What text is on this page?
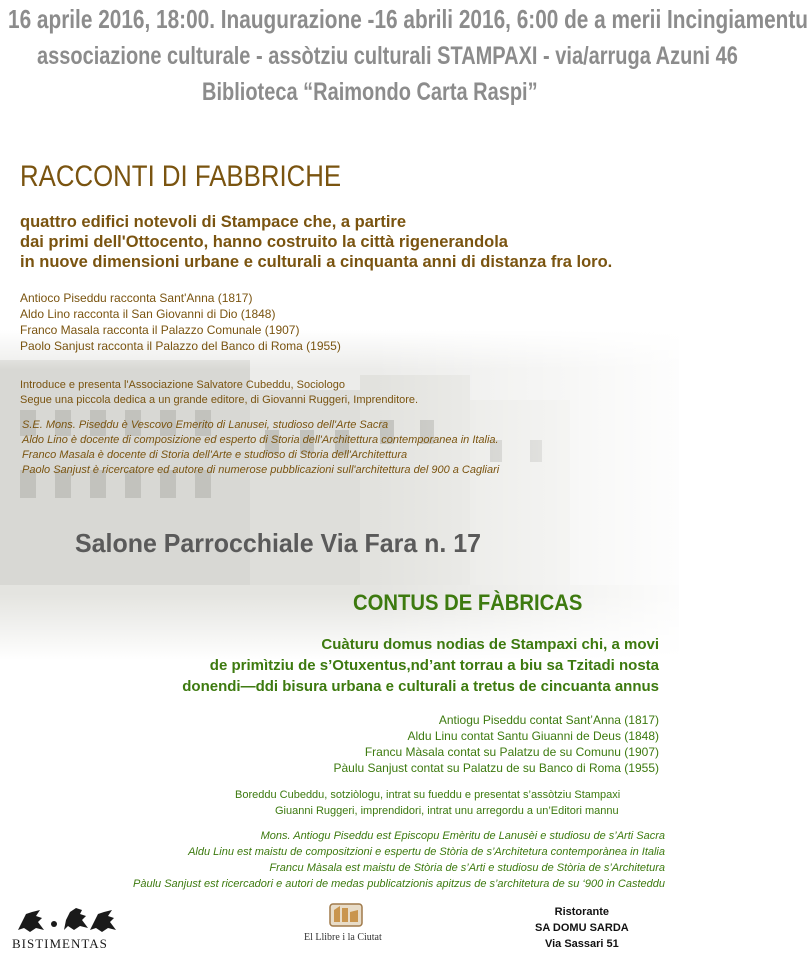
16 aprile 2016, 18:00. Inaugurazione -16 abrili 2016, 6:00 de a merii Incingiamentu
associazione culturale - assòtziu culturali STAMPAXI - via/arruga Azuni 46
Biblioteca “Raimondo Carta Raspi”
RACCONTI DI FABBRICHE
quattro edifici notevoli di Stampace che, a partire
dai primi dell'Ottocento, hanno costruito la città rigenerandola
in nuove dimensioni urbane e culturali a cinquanta anni di distanza fra loro.
Antioco Piseddu racconta Sant'Anna (1817)
Aldo Lino racconta il San Giovanni di Dio (1848)
Franco Masala racconta il Palazzo Comunale (1907)
Paolo Sanjust racconta il Palazzo del Banco di Roma (1955)
Introduce e presenta l'Associazione Salvatore Cubeddu, Sociologo
Segue una piccola dedica a un grande editore, di Giovanni Ruggeri, Imprenditore.
S.E. Mons. Piseddu è Vescovo Emerito di Lanusei, studioso dell'Arte Sacra
Aldo Lino è docente di composizione ed esperto di Storia dell'Architettura contemporanea in Italia.
Franco Masala è docente di Storia dell'Arte e studioso di Storia dell'Architettura
Paolo Sanjust è ricercatore ed autore di numerose pubblicazioni sull'architettura del 900 a Cagliari
Salone Parrocchiale Via Fara n. 17
CONTUS DE FÀBRICAS
Cuàturu domus nodias de Stampaxi chi, a movi
de primìtziu de s’Otuxentus,nd’ant torrau a biu sa Tzitadi nosta
donendi—ddi bisura urbana e culturali a tretus de cincuanta annus
Antiogu Piseddu contat Sant’Anna (1817)
Aldu Linu contat Santu Giuanni de Deus (1848)
Francu Màsala contat su Palatzu de su Comunu (1907)
Pàulu Sanjust contat su Palatzu de su Banco di Roma (1955)
Boreddu Cubeddu, sotziòlogu, intrat su fueddu e presentat s’assòtziu Stampaxi
Giuanni Ruggeri, imprendidori, intrat unu arregordu a un’Editori mannu
Mons. Antiogu Piseddu est Episcopu Emèritu de Lanusèi e studiosu de s’Arti Sacra
Aldu Linu est maistu de compositzioni e espertu de Stòria de s’Architetura contemporànea in Italia
Francu Màsala est maistu de Stòria de s’Arti e studiosu de Stòria de s’Architetura
Pàulu Sanjust est ricercadori e autori de medas publicatzionis apitzus de s’architetura de su ‘900 in Casteddu
BISTIMENTAS	El Llibre i la Ciutat
Ristorante
SA DOMU SARDA
Via Sassari 51
